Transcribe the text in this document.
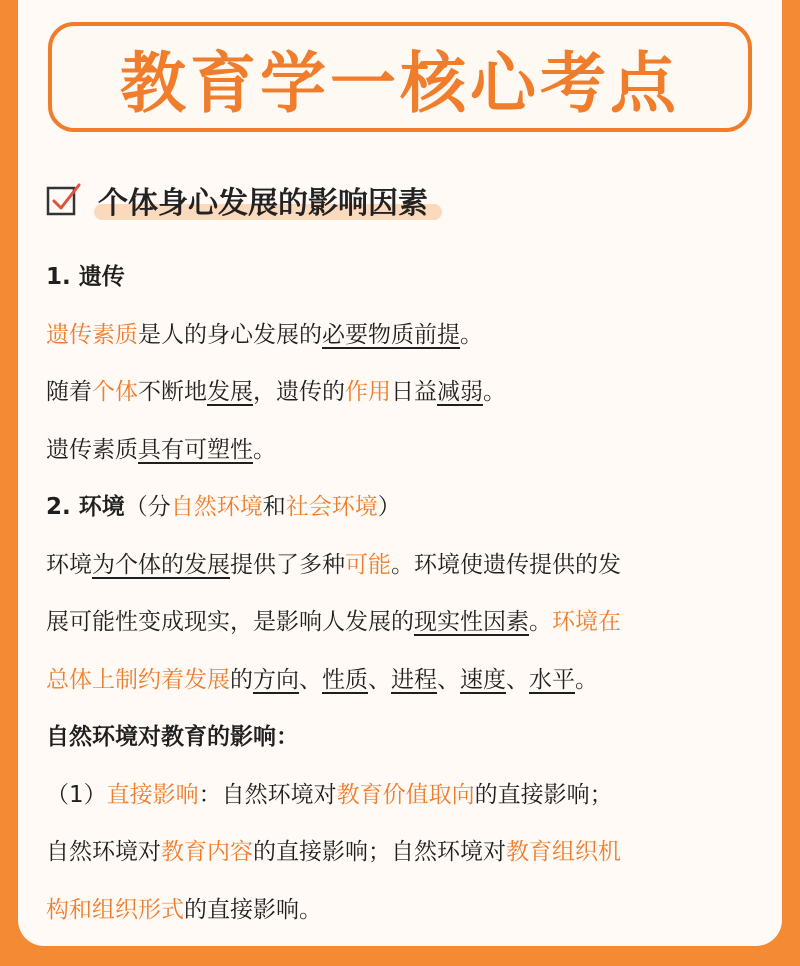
教育学一核心考点
个体身心发展的影响因素
1. 遗传
遗传素质是人的身心发展的必要物质前提。
随着个体不断地发展，遗传的作用日益减弱。
遗传素质具有可塑性。
2. 环境（分自然环境和社会环境）
环境为个体的发展提供了多种可能。环境使遗传提供的发
展可能性变成现实，是影响人发展的现实性因素。环境在
总体上制约着发展的方向、性质、进程、速度、水平。
自然环境对教育的影响：
（1）直接影响：自然环境对教育价值取向的直接影响；
自然环境对教育内容的直接影响；自然环境对教育组织机
构和组织形式的直接影响。
